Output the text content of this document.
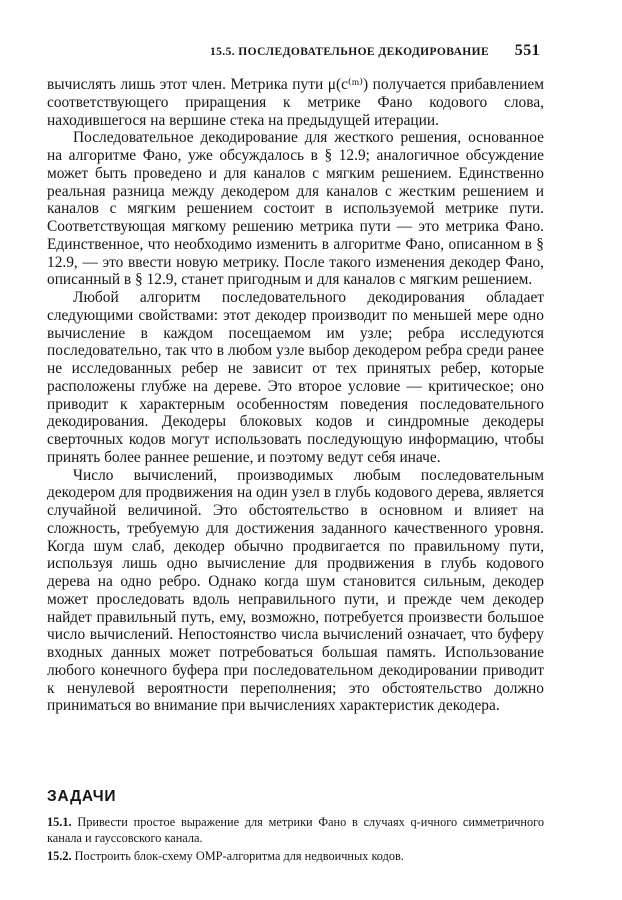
15.5. ПОСЛЕДОВАТЕЛЬНОЕ ДЕКОДИРОВАНИЕ 551

вычислять лишь этот член. Метрика пути μ(c⁽ᵐ⁾) получается прибавлением соответствующего приращения к метрике Фано кодового слова, находившегося на вершине стека на предыдущей итерации.

Последовательное декодирование для жесткого решения, основанное на алгоритме Фано, уже обсуждалось в § 12.9; аналогичное обсуждение может быть проведено и для каналов с мягким решением. Единственно реальная разница между декодером для каналов с жестким решением и каналов с мягким решением состоит в используемой метрике пути. Соответствующая мягкому решению метрика пути — это метрика Фано. Единственное, что необходимо изменить в алгоритме Фано, описанном в § 12.9, — это ввести новую метрику. После такого изменения декодер Фано, описанный в § 12.9, станет пригодным и для каналов с мягким решением.

Любой алгоритм последовательного декодирования обладает следующими свойствами: этот декодер производит по меньшей мере одно вычисление в каждом посещаемом им узле; ребра исследуются последовательно, так что в любом узле выбор декодером ребра среди ранее не исследованных ребер не зависит от тех принятых ребер, которые расположены глубже на дереве. Это второе условие — критическое; оно приводит к характерным особенностям поведения последовательного декодирования. Декодеры блоковых кодов и синдромные декодеры сверточных кодов могут использовать последующую информацию, чтобы принять более раннее решение, и поэтому ведут себя иначе.

Число вычислений, производимых любым последовательным декодером для продвижения на один узел в глубь кодового дерева, является случайной величиной. Это обстоятельство в основном и влияет на сложность, требуемую для достижения заданного качественного уровня. Когда шум слаб, декодер обычно продвигается по правильному пути, используя лишь одно вычисление для продвижения в глубь кодового дерева на одно ребро. Однако когда шум становится сильным, декодер может проследовать вдоль неправильного пути, и прежде чем декодер найдет правильный путь, ему, возможно, потребуется произвести большое число вычислений. Непостоянство числа вычислений означает, что буферу входных данных может потребоваться большая память. Использование любого конечного буфера при последовательном декодировании приводит к ненулевой вероятности переполнения; это обстоятельство должно приниматься во внимание при вычислениях характеристик декодера.

ЗАДАЧИ

15.1. Привести простое выражение для метрики Фано в случаях q-ичного симметричного канала и гауссовского канала.

15.2. Построить блок-схему ОМР-алгоритма для недвоичных кодов.
